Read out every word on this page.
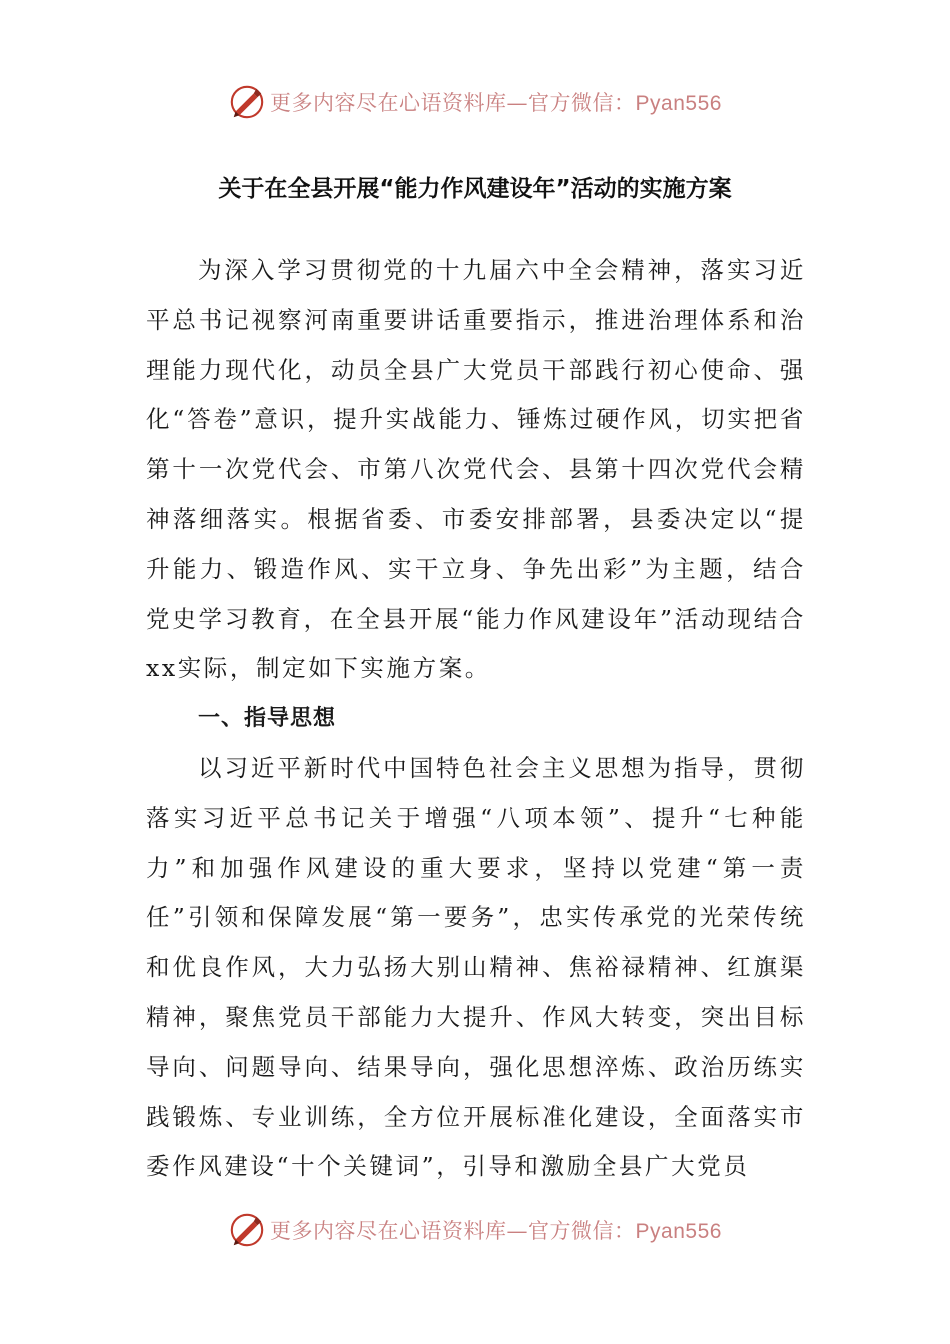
更多内容尽在心语资料库—官方微信：Pyan556
关于在全县开展“能力作风建设年”活动的实施方案

为深入学习贯彻党的十九届六中全会精神，落实习近平总书记视察河南重要讲话重要指示，推进治理体系和治理能力现代化，动员全县广大党员干部践行初心使命、强化“答卷”意识，提升实战能力、锤炼过硬作风，切实把省第十一次党代会、市第八次党代会、县第十四次党代会精神落细落实。根据省委、市委安排部署，县委决定以“提升能力、锻造作风、实干立身、争先出彩”为主题，结合党史学习教育，在全县开展“能力作风建设年”活动现结合xx实际，制定如下实施方案。

一、指导思想

以习近平新时代中国特色社会主义思想为指导，贯彻落实习近平总书记关于增强“八项本领”、提升“七种能力”和加强作风建设的重大要求，坚持以党建“第一责任”引领和保障发展“第一要务”，忠实传承党的光荣传统和优良作风，大力弘扬大别山精神、焦裕禄精神、红旗渠精神，聚焦党员干部能力大提升、作风大转变，突出目标导向、问题导向、结果导向，强化思想淬炼、政治历练实践锻炼、专业训练，全方位开展标准化建设，全面落实市委作风建设“十个关键词”，引导和激励全县广大党员

更多内容尽在心语资料库—官方微信：Pyan556
